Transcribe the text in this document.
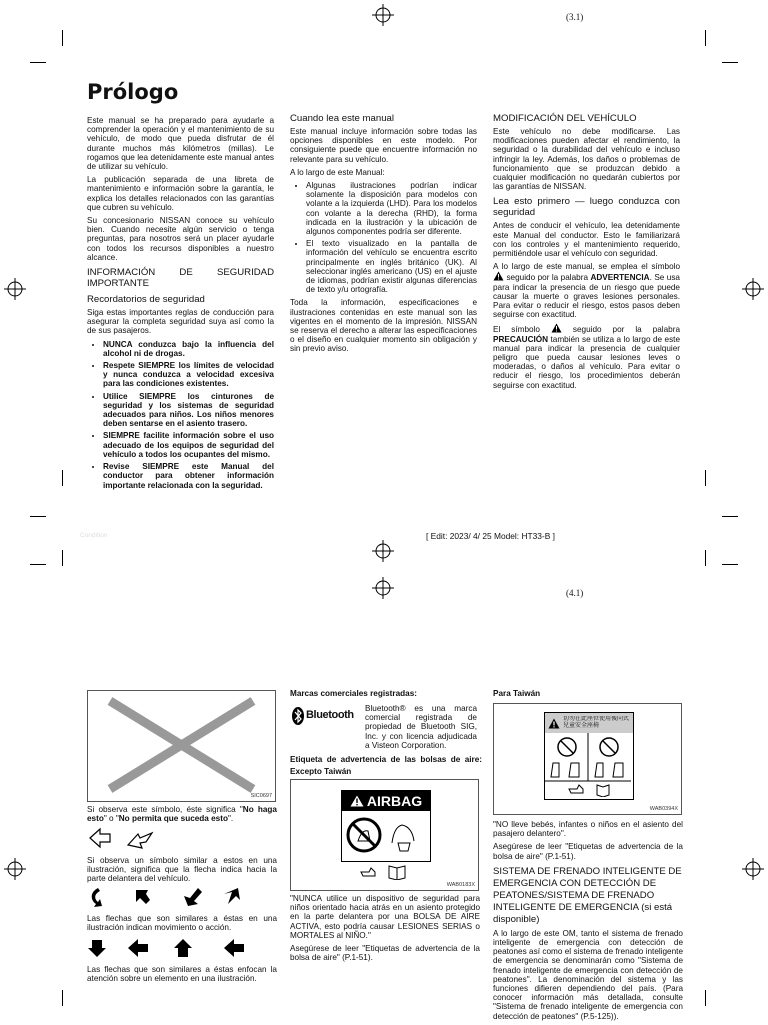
(3.1)
Prólogo

Este manual se ha preparado para ayudarle a comprender la operación y el mantenimiento de su vehículo, de modo que pueda disfrutar de él durante muchos más kilómetros (millas). Le rogamos que lea detenidamente este manual antes de utilizar su vehículo.

La publicación separada de una libreta de mantenimiento e información sobre la garantía, le explica los detalles relacionados con las garantías que cubren su vehículo.

Su concesionario NISSAN conoce su vehículo bien. Cuando necesite algún servicio o tenga preguntas, para nosotros será un placer ayudarle con todos los recursos disponibles a nuestro alcance.

INFORMACIÓN DE SEGURIDAD IMPORTANTE
Recordatorios de seguridad

Siga estas importantes reglas de conducción para asegurar la completa seguridad suya así como la de sus pasajeros.

• NUNCA conduzca bajo la influencia del alcohol ni de drogas.
• Respete SIEMPRE los límites de velocidad y nunca conduzca a velocidad excesiva para las condiciones existentes.
• Utilice SIEMPRE los cinturones de seguridad y los sistemas de seguridad adecuados para niños. Los niños menores deben sentarse en el asiento trasero.
• SIEMPRE facilite información sobre el uso adecuado de los equipos de seguridad del vehículo a todos los ocupantes del mismo.
• Revise SIEMPRE este Manual del conductor para obtener información importante relacionada con la seguridad.
Cuando lea este manual

Este manual incluye información sobre todas las opciones disponibles en este modelo. Por consiguiente puede que encuentre información no relevante para su vehículo.

A lo largo de este Manual:

• Algunas ilustraciones podrían indicar solamente la disposición para modelos con volante a la izquierda (LHD). Para los modelos con volante a la derecha (RHD), la forma indicada en la ilustración y la ubicación de algunos componentes podría ser diferente.
• El texto visualizado en la pantalla de información del vehículo se encuentra escrito principalmente en inglés británico (UK). Al seleccionar inglés americano (US) en el ajuste de idiomas, podrían existir algunas diferencias de texto y/u ortografía.

Toda la información, especificaciones e ilustraciones contenidas en este manual son las vigentes en el momento de la impresión. NISSAN se reserva el derecho a alterar las especificaciones o el diseño en cualquier momento sin obligación y sin previo aviso.

MODIFICACIÓN DEL VEHÍCULO

Este vehículo no debe modificarse. Las modificaciones pueden afectar el rendimiento, la seguridad o la durabilidad del vehículo e incluso infringir la ley. Además, los daños o problemas de funcionamiento que se produzcan debido a cualquier modificación no quedarán cubiertos por las garantías de NISSAN.

Lea esto primero — luego conduzca con seguridad

Antes de conducir el vehículo, lea detenidamente este Manual del conductor. Esto le familiarizará con los controles y el mantenimiento requerido, permitiéndole usar el vehículo con seguridad.

A lo largo de este manual, se emplea el símbolo  seguido por la palabra ADVERTENCIA. Se usa para indicar la presencia de un riesgo que puede causar la muerte o graves lesiones personales. Para evitar o reducir el riesgo, estos pasos deben seguirse con exactitud.

El símbolo	seguido por la palabra PRECAUCIÓN también se utiliza a lo largo de este manual para indicar la presencia de cualquier peligro que pueda causar lesiones leves o moderadas, o daños al vehículo. Para evitar o reducir el riesgo, los procedimientos deberán seguirse con exactitud.

Condition	[ Edit: 2023/ 4/ 25 Model: HT33-B ]
(4.1)
SIC0697

Si observa este símbolo, éste significa "No haga esto" o "No permita que suceda esto".

Si observa un símbolo similar a estos en una ilustración, significa que la flecha indica hacia la parte delantera del vehículo.

Las flechas que son similares a éstas en una ilustración indican movimiento o acción.

Las flechas que son similares a éstas enfocan la atención sobre un elemento en una ilustración.

Marcas comerciales registradas:
Bluetooth

Bluetooth® es una marca comercial registrada de propiedad de Bluetooth SIG, Inc. y con licencia adjudicada a Visteon Corporation.

Etiqueta de advertencia de las bolsas de aire: Excepto Taiwán
AIRBAG
WAB0183X

"NUNCA utilice un dispositivo de seguridad para niños orientado hacia atrás en un asiento protegido en la parte delantera por una BOLSA DE AIRE ACTIVA, esto podría causar LESIONES SERIAS o MORTALES al NIÑO."

Asegúrese de leer "Etiquetas de advertencia de la bolsa de aire" (P.1-51).

Para Taiwán
切勿在此座位使用後向式兒童安全座椅
WAB0394X

"NO lleve bebés, infantes o niños en el asiento del pasajero delantero".

Asegúrese de leer "Etiquetas de advertencia de la bolsa de aire" (P.1-51).

SISTEMA DE FRENADO INTELIGENTE DE EMERGENCIA CON DETECCIÓN DE PEATONES/SISTEMA DE FRENADO INTELIGENTE DE EMERGENCIA (si está disponible)

A lo largo de este OM, tanto el sistema de frenado inteligente de emergencia con detección de peatones así como el sistema de frenado inteligente de emergencia se denominarán como "Sistema de frenado inteligente de emergencia con detección de peatones". La denominación del sistema y las funciones difieren dependiendo del país. (Para conocer información más detallada, consulte "Sistema de frenado inteligente de emergencia con detección de peatones" (P.5-125)).
